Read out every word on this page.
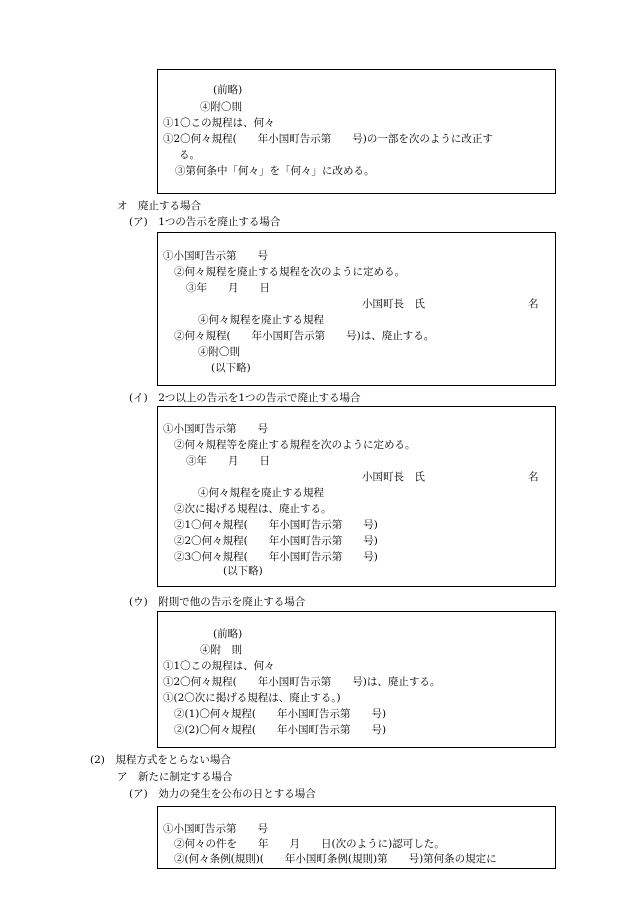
(前略)
④附〇則
①1〇この規程は、何々
①2〇何々規程(　　年小国町告示第　　号)の一部を次のように改正す
る。
③第何条中「何々」を「何々」に改める。
オ　廃止する場合
(ア)　1つの告示を廃止する場合
①小国町告示第　　号
②何々規程を廃止する規程を次のように定める。
③年　　月　　日
小国町長　氏	名
④何々規程を廃止する規程
②何々規程(　　年小国町告示第　　号)は、廃止する。
④附〇則
(以下略)
(イ)　2つ以上の告示を1つの告示で廃止する場合
①小国町告示第　　号
②何々規程等を廃止する規程を次のように定める。
③年　　月　　日
小国町長　氏	名
④何々規程を廃止する規程
②次に掲げる規程は、廃止する。
②1〇何々規程(　　年小国町告示第　　号)
②2〇何々規程(　　年小国町告示第　　号)
②3〇何々規程(　　年小国町告示第　　号)
(以下略)
(ウ)　附則で他の告示を廃止する場合
(前略)
④附　則
①1〇この規程は、何々
①2〇何々規程(　　年小国町告示第　　号)は、廃止する。
①(2〇次に掲げる規程は、廃止する。)
②(1)〇何々規程(　　年小国町告示第　　号)
②(2)〇何々規程(　　年小国町告示第　　号)
(2)　規程方式をとらない場合
ア　新たに制定する場合
(ア)　効力の発生を公布の日とする場合
①小国町告示第　　号
②何々の件を　　年　　月　　日(次のように)認可した。
②(何々条例(規則)(　　年小国町条例(規則)第　　号)第何条の規定に
